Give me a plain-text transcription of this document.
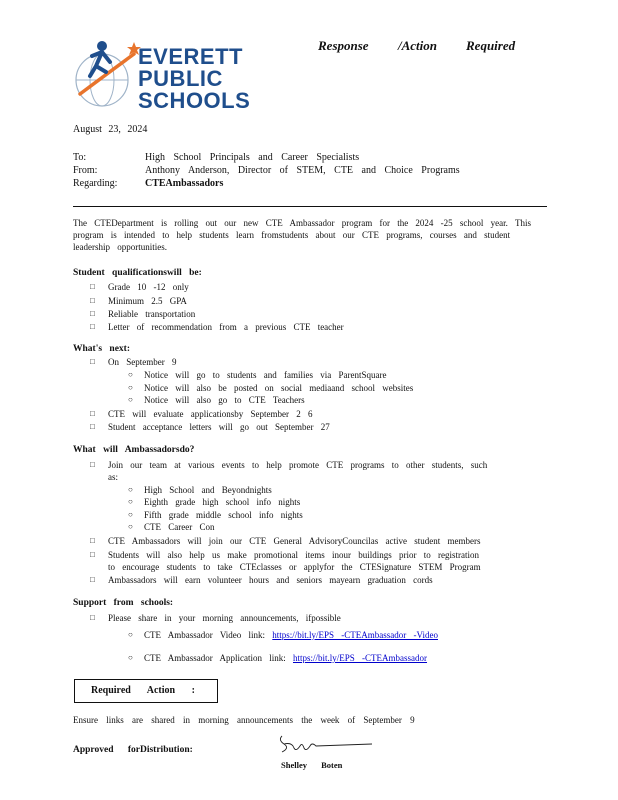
EVERETT
PUBLIC
SCHOOLS
Response /Action Required
August 23, 2024
To:	High School Principals and Career Specialists
From:	Anthony Anderson, Director of STEM, CTE and Choice Programs
Regarding:	CTEAmbassadors
The CTEDepartment is rolling out our new CTE Ambassador program for the 2024 -25 school year. This program is intended to help students learn fromstudents about our CTE programs, courses and student leadership opportunities.
Student qualificationswill be:
Grade 10 -12 only
Minimum 2.5 GPA
Reliable transportation
Letter of recommendation from a previous CTE teacher
What's next:
On September 9
Notice will go to students and families via ParentSquare
Notice will also be posted on social mediaand school websites
Notice will also go to CTE Teachers
CTE will evaluate applicationsby September 2 6
Student acceptance letters will go out September 27
What will Ambassadorsdo?
Join our team at various events to help promote CTE programs to other students, such
as:
High School and Beyondnights
Eighth grade high school info nights
Fifth grade middle school info nights
CTE Career Con
CTE Ambassadors will join our CTE General AdvisoryCouncilas active student members
Students will also help us make promotional items inour buildings prior to registration
to encourage students to take CTEclasses or applyfor the CTESignature STEM Program
Ambassadors will earn volunteer hours and seniors mayearn graduation cords
Support from schools:
Please share in your morning announcements, ifpossible
CTE Ambassador Video link: https://bit.ly/EPS -CTEAmbassador -Video
CTE Ambassador Application link: https://bit.ly/EPS -CTEAmbassador
Required Action :
Ensure links are shared in morning announcements the week of September 9
Approved forDistribution:
Shelley Boten
